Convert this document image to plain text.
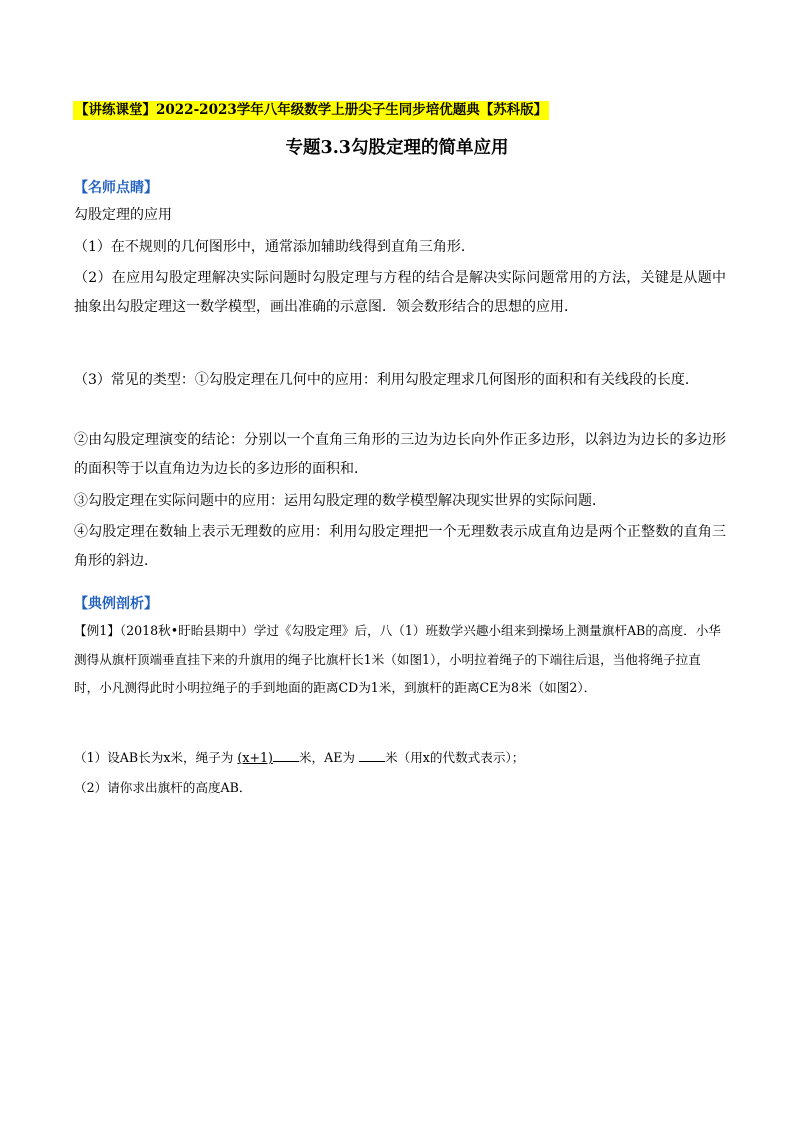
【讲练课堂】2022-2023学年八年级数学上册尖子生同步培优题典【苏科版】
专题3.3勾股定理的简单应用
【名师点睛】
勾股定理的应用

（1）在不规则的几何图形中，通常添加辅助线得到直角三角形．

（2）在应用勾股定理解决实际问题时勾股定理与方程的结合是解决实际问题常用的方法，关键是从题中抽象出勾股定理这一数学模型，画出准确的示意图．领会数形结合的思想的应用．

（3）常见的类型：①勾股定理在几何中的应用：利用勾股定理求几何图形的面积和有关线段的长度．

②由勾股定理演变的结论：分别以一个直角三角形的三边为边长向外作正多边形，以斜边为边长的多边形的面积等于以直角边为边长的多边形的面积和．

③勾股定理在实际问题中的应用：运用勾股定理的数学模型解决现实世界的实际问题．

④勾股定理在数轴上表示无理数的应用：利用勾股定理把一个无理数表示成直角边是两个正整数的直角三角形的斜边．

【典例剖析】

【例1】（2018秋•盱眙县期中）学过《勾股定理》后，八（1）班数学兴趣小组来到操场上测量旗杆AB的高度．小华测得从旗杆顶端垂直挂下来的升旗用的绳子比旗杆长1米（如图1），小明拉着绳子的下端往后退，当他将绳子拉直时，小凡测得此时小明拉绳子的手到地面的距离CD为1米，到旗杆的距离CE为8米（如图2）．

（1）设AB长为x米，绳子为 (x+1) 米，AE为 米（用x的代数式表示）；

（2）请你求出旗杆的高度AB．
